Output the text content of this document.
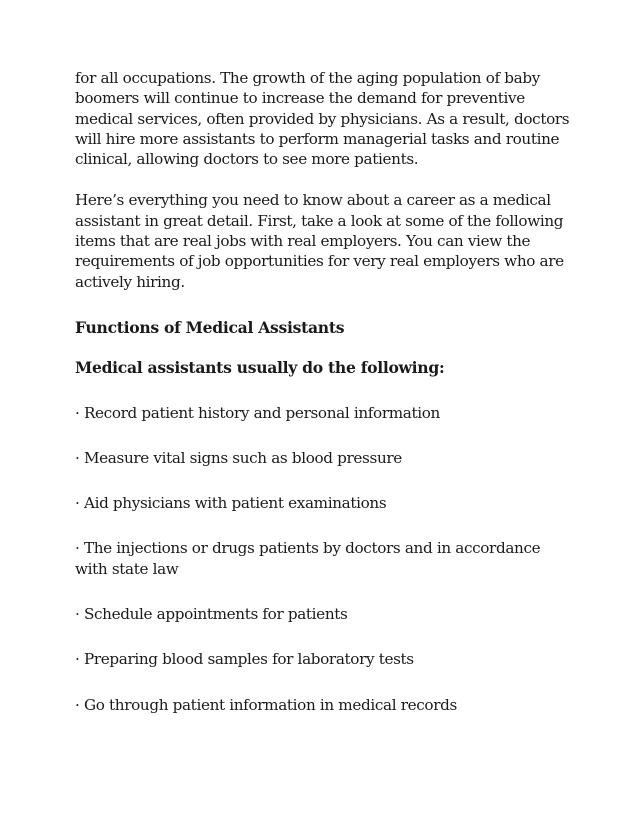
for all occupations. The growth of the aging population of baby boomers will continue to increase the demand for preventive medical services, often provided by physicians. As a result, doctors will hire more assistants to perform managerial tasks and routine clinical, allowing doctors to see more patients.

Here’s everything you need to know about a career as a medical assistant in great detail. First, take a look at some of the following items that are real jobs with real employers. You can view the requirements of job opportunities for very real employers who are actively hiring.

Functions of Medical Assistants

Medical assistants usually do the following:

· Record patient history and personal information
· Measure vital signs such as blood pressure
· Aid physicians with patient examinations
· The injections or drugs patients by doctors and in accordance with state law
· Schedule appointments for patients
· Preparing blood samples for laboratory tests
· Go through patient information in medical records
